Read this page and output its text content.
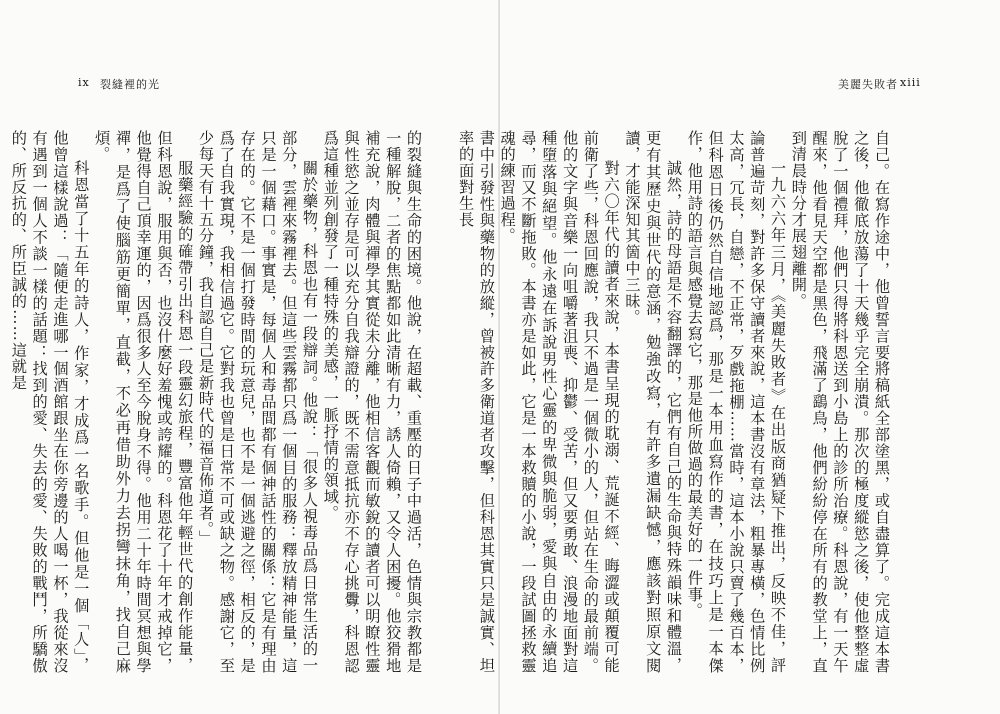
ix 裂縫裡的光

的裂縫與生命的困境。他說，在超載、重壓的日子中過活，色情與宗教都是一種解脫，二者的焦點都如此清晰有力，誘人倚賴，又令人困擾。他狡猾地補充說，肉體與禪學其實從未分離，他相信客觀而敏銳的讀者可以明瞭性靈與性慾之並存是可以充分自我辯證的，既不需意抵抗亦不存心挑釁，科恩認爲這種並列創發了一種特殊的美感，一脈抒情的領域。

關於藥物，科恩也有一段辯詞。他說：「很多人視毒品爲日常生活的一部分，雲裡來霧裡去。但這些雲霧都只爲一個目的服務：釋放精神能量，這只是一個藉口。事實是，每個人和毒品間都有個神話性的關係：它是有理由存在的。它不是一個打發時間的玩意兒，也不是一個逃避之徑，相反的，是爲了自我實現，我相信過它。它對我也曾是日常不可或缺之物。感謝它，至少每天有十五分鐘，我自認自己是新時代的福音佈道者。」

服藥經驗的確帶引出科恩一段靈幻旅程，豐富他年輕世代的創作能量，但科恩說，服用與否，也沒什麼好羞愧或誇耀的。科恩花了十年才戒掉它，他覺得自己頂幸運的，因爲很多人至今脫身不得。他用二十年時間冥想與學禪，是爲了使腦筋更簡單，直截，不必再借助外力去拐彎抹角，找自己麻煩。

科恩當了十五年的詩人，作家，才成爲一名歌手。但他是一個「人」，他曾這樣說過：「隨便走進哪一個酒館跟坐在你旁邊的人喝一杯，我從來沒有遇到一個人不談一樣的話題：找到的愛、失去的愛、失敗的戰鬥，所驕傲的、所反抗的、所臣誠的……這就是

美麗失敗者 xiii

自己。在寫作途中，他曾誓言要將稿紙全部塗黑，或自盡算了。完成這本書之後，他徹底放蕩了十天幾乎完全崩潰。那次的極度縱慾之後，使他整整虛脫了一個禮拜，他們只得將科恩送到小島上的診所治療。科恩說，有一天午醒來，他看見天空都是黑色，飛滿了鷂鳥，他們紛紛停在所有的教堂上，直到清晨時分才展翅離開。

一九六六年三月，《美麗失敗者》在出版商猶疑下推出，反映不佳，評論普遍苛刻，對許多保守讀者來說，這本書沒有章法，粗暴專橫，色情比例太高，冗長，自戀，不正常，歹戲拖棚……當時，這本小說只賣了幾百本，但科恩日後仍然自信地認爲，那是一本用血寫作的書，在技巧上是一本傑作，他用詩的語言與感覺去寫它，那是他所做過的最美好的一件事。

誠然，詩的母語是不容翻譯的，它們有自己的生命與特殊韻味和體溫，更有其歷史與世代的意涵，勉強改寫，有許多遺漏缺憾，應該對照原文閱讀，才能深知其箇中三昧。

對六〇年代的讀者來說，本書呈現的耽溺、荒誕不經、晦澀或顛覆可能前衛了些，科恩回應說，我只不過是一個微小的人，但站在生命的最前端。他的文字與音樂一向咀嚼著沮喪、抑鬱、受苦，但又要勇敢、浪漫地面對這種墮落與絕望。他永遠在訴說男性心靈的卑微與脆弱，愛與自由的永續追尋，而又不斷拖敗。本書亦是如此，它是一本救贖的小說，一段試圖拯救靈魂的練習過程。

書中引發性與藥物的放縱，曾被許多衛道者攻擊，但科恩其實只是誠實、坦率的面對生長
